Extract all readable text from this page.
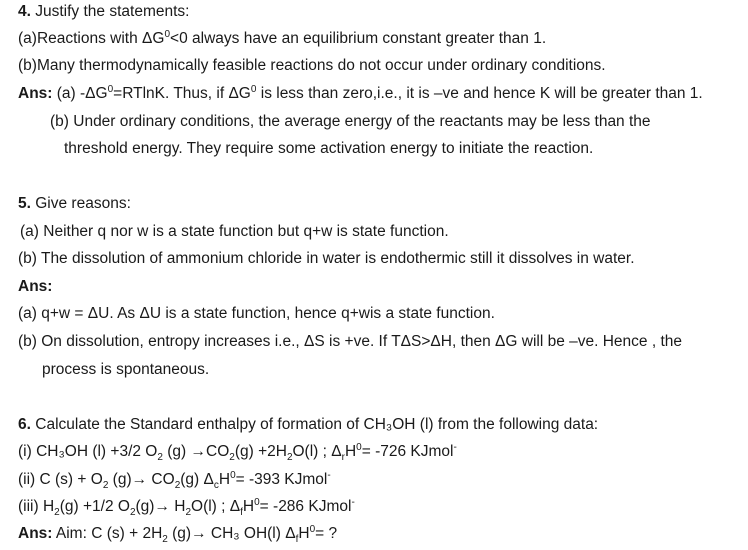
4. Justify the statements:
(a)Reactions with $\Delta G^0<0$ always have an equilibrium constant greater than 1.
(b)Many thermodynamically feasible reactions do not occur under ordinary conditions.
Ans: (a) $-\Delta G^0=RTlnK$. Thus, if $\Delta G^0$ is less than zero,i.e., it is –ve and hence K will be greater than 1.
(b) Under ordinary conditions, the average energy of the reactants may be less than the
threshold energy. They require some activation energy to initiate the reaction.
5. Give reasons:
(a) Neither q nor w is a state function but q+w is state function.
(b) The dissolution of ammonium chloride in water is endothermic still it dissolves in water.
Ans:
(a) q+w = ΔU. As ΔU is a state function, hence q+wis a state function.
(b) On dissolution, entropy increases i.e., ΔS is +ve. If TΔS>ΔH, then ΔG will be –ve. Hence , the
process is spontaneous.
6. Calculate the Standard enthalpy of formation of CH₃OH (l) from the following data:
(i) CH₃OH (l) +3/2 $O_2$ $(g) \to CO_2(g) +2H_2O(l)$ ; $\Delta_rH^0= -726$ KJmol-
(ii) C $(s) + O_2$ $(g)\to CO_2(g)$ $\Delta_cH^0= -393$ KJmol-
(iii) $H_2(g) +1/2$ $O_2(g)\to H_2O(l)$ ; $\Delta_fH^0= -286$ KJmol-
Ans: Aim: C $(s) + 2H_2$ (g)→ CH₃ OH(l) $\Delta_fH^0=$ ?
